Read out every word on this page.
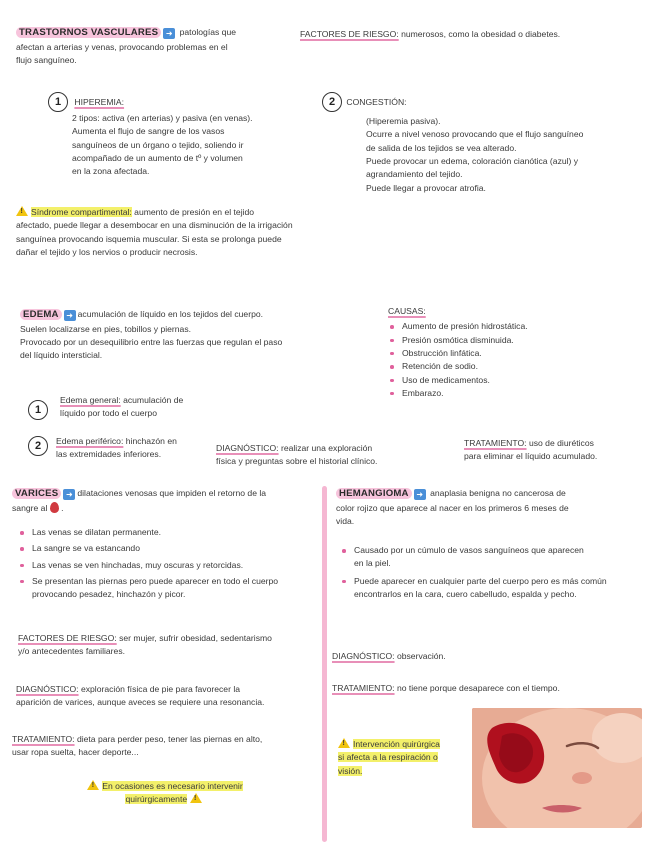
TRASTORNOS VASCULARES ➜ patologías que
afectan a arterias y venas, provocando problemas en el
flujo sanguíneo.
FACTORES DE RIESGO: numerosos, como la obesidad o diabetes.
1 HIPEREMIA:
2 tipos: activa (en arterias) y pasiva (en venas).
Aumenta el flujo de sangre de los vasos
sanguíneos de un órgano o tejido, soliendo ir
acompañado de un aumento de tº y volumen
en la zona afectada.
2 CONGESTIÓN:
(Hiperemia pasiva).
Ocurre a nivel venoso provocando que el flujo sanguíneo
de salida de los tejidos se vea alterado.
Puede provocar un edema, coloración cianótica (azul) y
agrandamiento del tejido.
Puede llegar a provocar atrofia.
!Síndrome compartimental: aumento de presión en el tejido
afectado, puede llegar a desembocar en una disminución de la irrigación
sanguínea provocando isquemia muscular. Si esta se prolonga puede
dañar el tejido y los nervios o producir necrosis.
EDEMA ➜ acumulación de líquido en los tejidos del cuerpo.
Suelen localizarse en pies, tobillos y piernas.
Provocado por un desequilibrio entre las fuerzas que regulan el paso
del líquido intersticial.
1
Edema general: acumulación de
líquido por todo el cuerpo
2	Edema periférico: hinchazón en
las extremidades inferiores.
CAUSAS:
Aumento de presión hidrostática.
Presión osmótica disminuida.
Obstrucción linfática.
Retención de sodio.
Uso de medicamentos.
Embarazo.
DIAGNÓSTICO: realizar una exploración
física y preguntas sobre el historial clínico.
TRATAMIENTO: uso de diuréticos
para eliminar el líquido acumulado.
VARICES ➜ dilataciones venosas que impiden el retorno de la
sangre al  .
Las venas se dilatan permanente.
La sangre se va estancando
Las venas se ven hinchadas, muy oscuras y retorcidas.
Se presentan las piernas pero puede aparecer en todo el cuerpo provocando pesadez, hinchazón y picor.
FACTORES DE RIESGO: ser mujer, sufrir obesidad, sedentarismo
y/o antecedentes familiares.
DIAGNÓSTICO: exploración física de pie para favorecer la
aparición de varices, aunque aveces se requiere una resonancia.
TRATAMIENTO: dieta para perder peso, tener las piernas en alto,
usar ropa suelta, hacer deporte...
!En ocasiones es necesario intervenir
quirúrgicamente !
HEMANGIOMA ➜ anaplasia benigna no cancerosa de
color rojizo que aparece al nacer en los primeros 6 meses de
vida.
Causado por un cúmulo de vasos sanguíneos que aparecen en la piel.
Puede aparecer en cualquier parte del cuerpo pero es más común encontrarlos en la cara, cuero cabelludo, espalda y pecho.
DIAGNÓSTICO: observación.
TRATAMIENTO: no tiene porque desaparece con el tiempo.
!Intervención quirúrgica
si afecta a la respiración o
visión.
